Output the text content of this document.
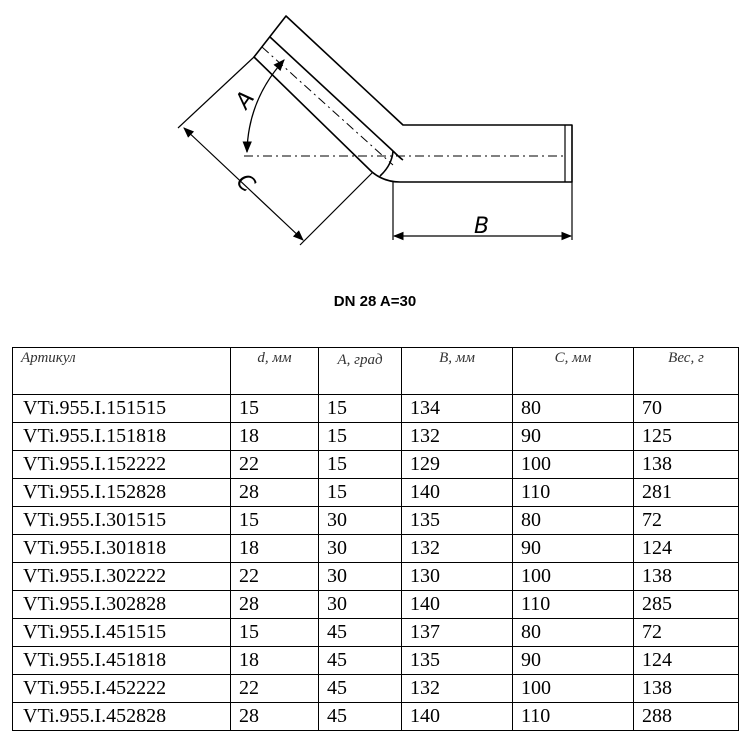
A
C
B
DN 28 A=30
Артикул	d, мм	A, град	B, мм	C, мм	Вес, г
VTi.955.I.151515	15	15	134	80	70
VTi.955.I.151818	18	15	132	90	125
VTi.955.I.152222	22	15	129	100	138
VTi.955.I.152828	28	15	140	110	281
VTi.955.I.301515	15	30	135	80	72
VTi.955.I.301818	18	30	132	90	124
VTi.955.I.302222	22	30	130	100	138
VTi.955.I.302828	28	30	140	110	285
VTi.955.I.451515	15	45	137	80	72
VTi.955.I.451818	18	45	135	90	124
VTi.955.I.452222	22	45	132	100	138
VTi.955.I.452828	28	45	140	110	288
